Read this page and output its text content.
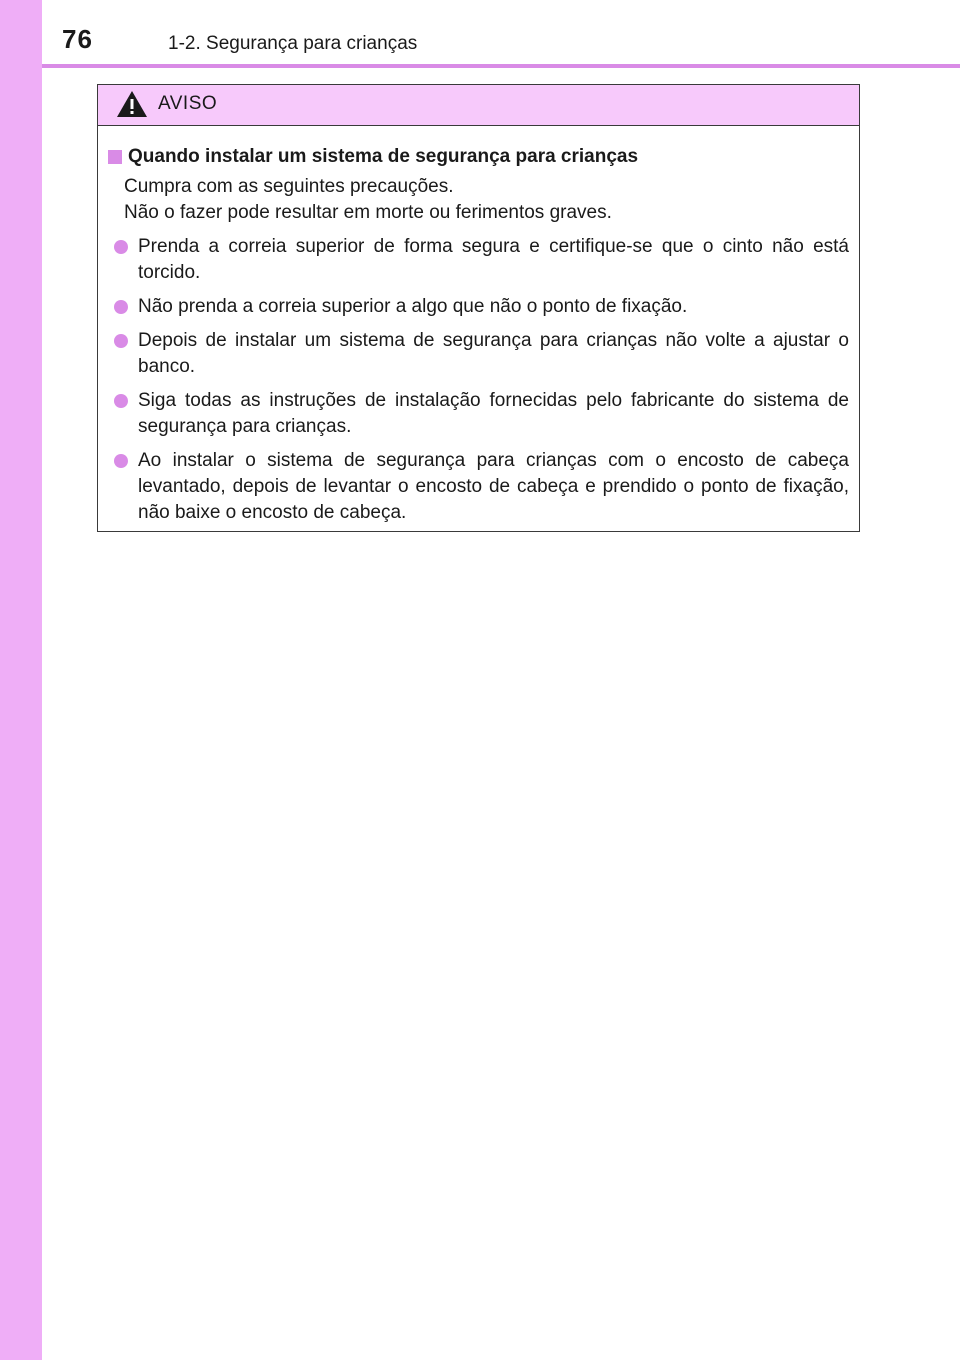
76	1-2. Segurança para crianças
AVISO
Quando instalar um sistema de segurança para crianças

Cumpra com as seguintes precauções.

Não o fazer pode resultar em morte ou ferimentos graves.

Prenda a correia superior de forma segura e certifique-se que o cinto não está torcido.
Não prenda a correia superior a algo que não o ponto de fixação.
Depois de instalar um sistema de segurança para crianças não volte a ajustar o banco.
Siga todas as instruções de instalação fornecidas pelo fabricante do sistema de segurança para crianças.
Ao instalar o sistema de segurança para crianças com o encosto de cabeça levantado, depois de levantar o encosto de cabeça e prendido o ponto de fixação, não baixe o encosto de cabeça.
